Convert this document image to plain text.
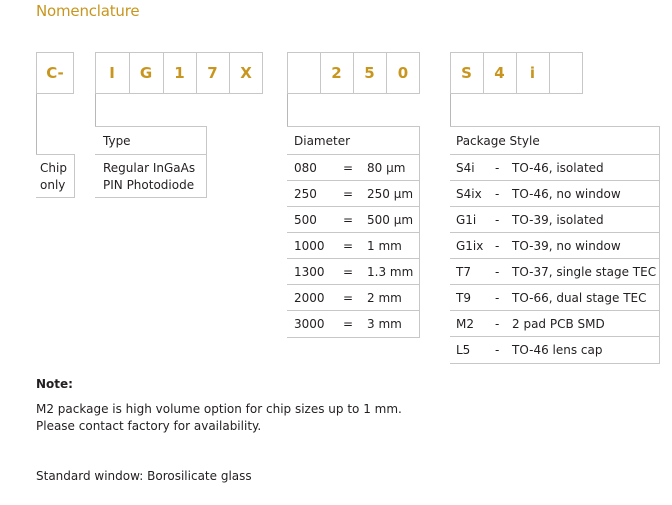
Nomenclature
C-	I	G	1	7	X	2	5	0	S	4	i
Chip
only
Type
Regular InGaAs
PIN Photodiode
Diameter
080 = 80 µm
250 = 250 µm
500 = 500 µm
1000 = 1 mm
1300 = 1.3 mm
2000 = 2 mm
3000 = 3 mm
Package Style
S4i - TO-46, isolated
S4ix - TO-46, no window
G1i - TO-39, isolated
G1ix - TO-39, no window
T7 - TO-37, single stage TEC
T9 - TO-66, dual stage TEC
M2 - 2 pad PCB SMD
L5 - TO-46 lens cap
Note:
M2 package is high volume option for chip sizes up to 1 mm.
Please contact factory for availability.
Standard window: Borosilicate glass
